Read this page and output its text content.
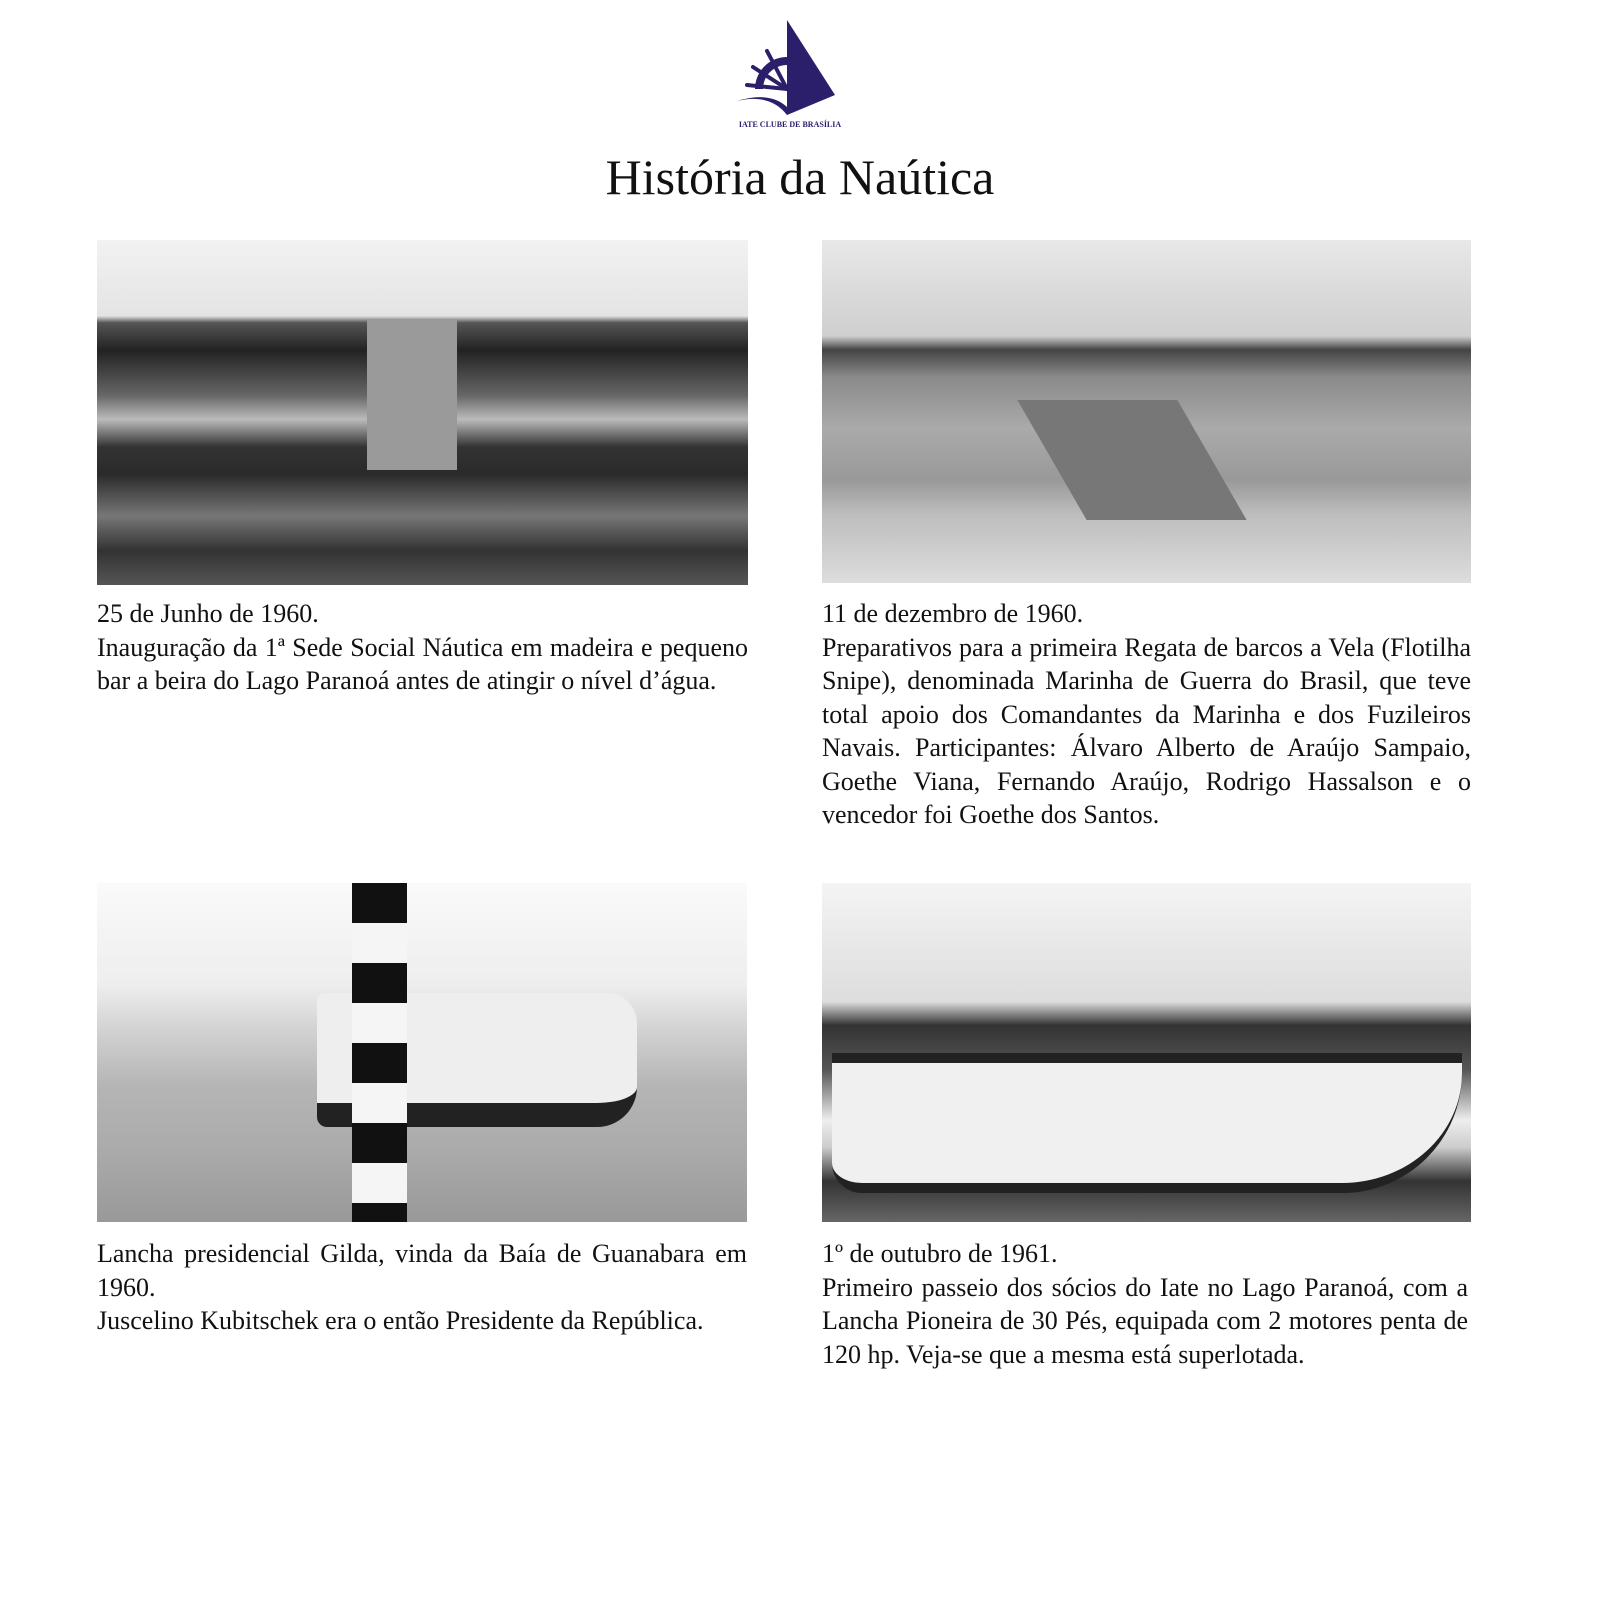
IATE CLUBE DE BRASÍLIA
História da Naútica
25 de Junho de 1960.
Inauguração da 1ª Sede Social Náutica em madeira e pequeno bar a beira do Lago Paranoá antes de atingir o nível d’água.
11 de dezembro de 1960.
Preparativos para a primeira Regata de barcos a Vela (Flotilha Snipe), denominada Marinha de Guerra do Brasil, que teve total apoio dos Comandantes da Marinha e dos Fuzileiros Navais. Participantes: Álvaro Alberto de Araújo Sampaio, Goethe Viana, Fernando Araújo, Rodrigo Hassalson e o vencedor foi Goethe dos Santos.
Lancha presidencial Gilda, vinda da Baía de Guanabara em 1960.
Juscelino Kubitschek era o então Presidente da República.
1º de outubro de 1961.
Primeiro passeio dos sócios do Iate no Lago Paranoá, com a Lancha Pioneira de 30 Pés, equipada com 2 motores penta de 120 hp. Veja-se que a mesma está superlotada.
